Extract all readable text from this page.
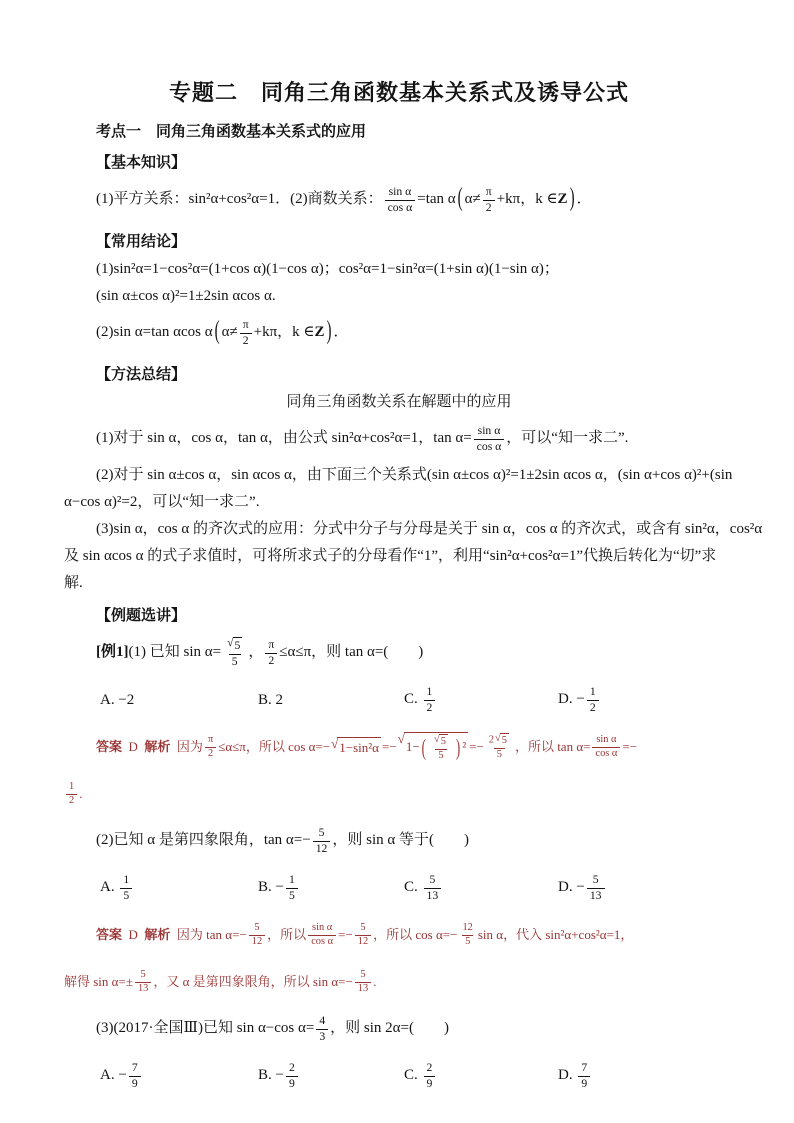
专题二　同角三角函数基本关系式及诱导公式
考点一　同角三角函数基本关系式的应用
【基本知识】
(1)平方关系：sin²α+cos²α=1．(2)商数关系： $\frac{\text{sin α}}{\text{cos α}} =\tan$ α ( $\alpha\ne \frac{\pi}{2} +k\pi$，k ∈ Z ) ．
【常用结论】
(1)sin²α=1−cos²α=(1+cos α)(1−cos α)；cos²α=1−sin²α=(1+sin α)(1−sin α)；
(sin α±cos α)²=1±2sin αcos α.
(2)sin α=tan αcos α ( $\alpha\ne \frac{\pi}{2} +k\pi$，k ∈ Z ) ．
【方法总结】
同角三角函数关系在解题中的应用
(1)对于 sin α，cos α，tan α，由公式 sin²α+cos²α=1，$\tan \alpha= \frac{\text{sin α}}{\text{cos α}}$ ，可以“知一求二”.
(2)对于 sin α±cos α，sin αcos α，由下面三个关系式(sin α±cos α)²=1±2sin αcos α，(sin α+cos α)²+(sin
α−cos α)²=2，可以“知一求二”.
(3)sin α，cos α 的齐次式的应用：分式中分子与分母是关于 sin α，cos α 的齐次式，或含有 sin²α，cos²α
及 sin αcos α 的式子求值时，可将所求式子的分母看作“1”，利用“sin²α+cos²α=1”代换后转化为“切”求
解.
【例题选讲】
[例1] (1) 已知 $\sin \alpha= \frac{√ 5}{5}$ ， $\frac{\pi}{2} \le\alpha\le\pi$，则 tan α=(　　)
A. −2	B. 2	C. $\frac{1}{2}$	D. − $\frac{1}{2}$
答案 D 解析 因为 $\frac{\pi}{2} \le\alpha\le\pi$，所以 cos α=− √ 1−sin²α =−
√
1− ( $\frac{√ 5}{5}$ ) $^2 =- \frac{2 √ 5}{5}$ ，所以 $\tan \alpha= \frac{\text{sin α}}{\text{cos α}}$ =−
$\frac{1}{2}$ .
(2)已知 α 是第四象限角，$\tan \alpha=- \frac{5}{12}$ ，则 sin α 等于(　　)
A. $\frac{1}{5}$	B. − $\frac{1}{5}$	C. $\frac{5}{13}$	D. − $\frac{5}{13}$
答案 D 解析 因为 $\tan \alpha=- \frac{5}{12}$ ，所以 $\frac{\text{sin α}}{\text{cos α}} =- \frac{5}{12}$ ，所以 $\cos \alpha=- \frac{12}{5}$ sin α，代入 sin²α+cos²α=1，
解得 $\sin \alpha=\pm \frac{5}{13}$ ，又 α 是第四象限角，所以 $\sin \alpha=- \frac{5}{13}$ .
(3)(2017·全国Ⅲ)已知 sin α−cos $\alpha= \frac{4}{3}$ ，则 sin 2α=(　　)
A. − $\frac{7}{9}$	B. − $\frac{2}{9}$	C. $\frac{2}{9}$	D. $\frac{7}{9}$
